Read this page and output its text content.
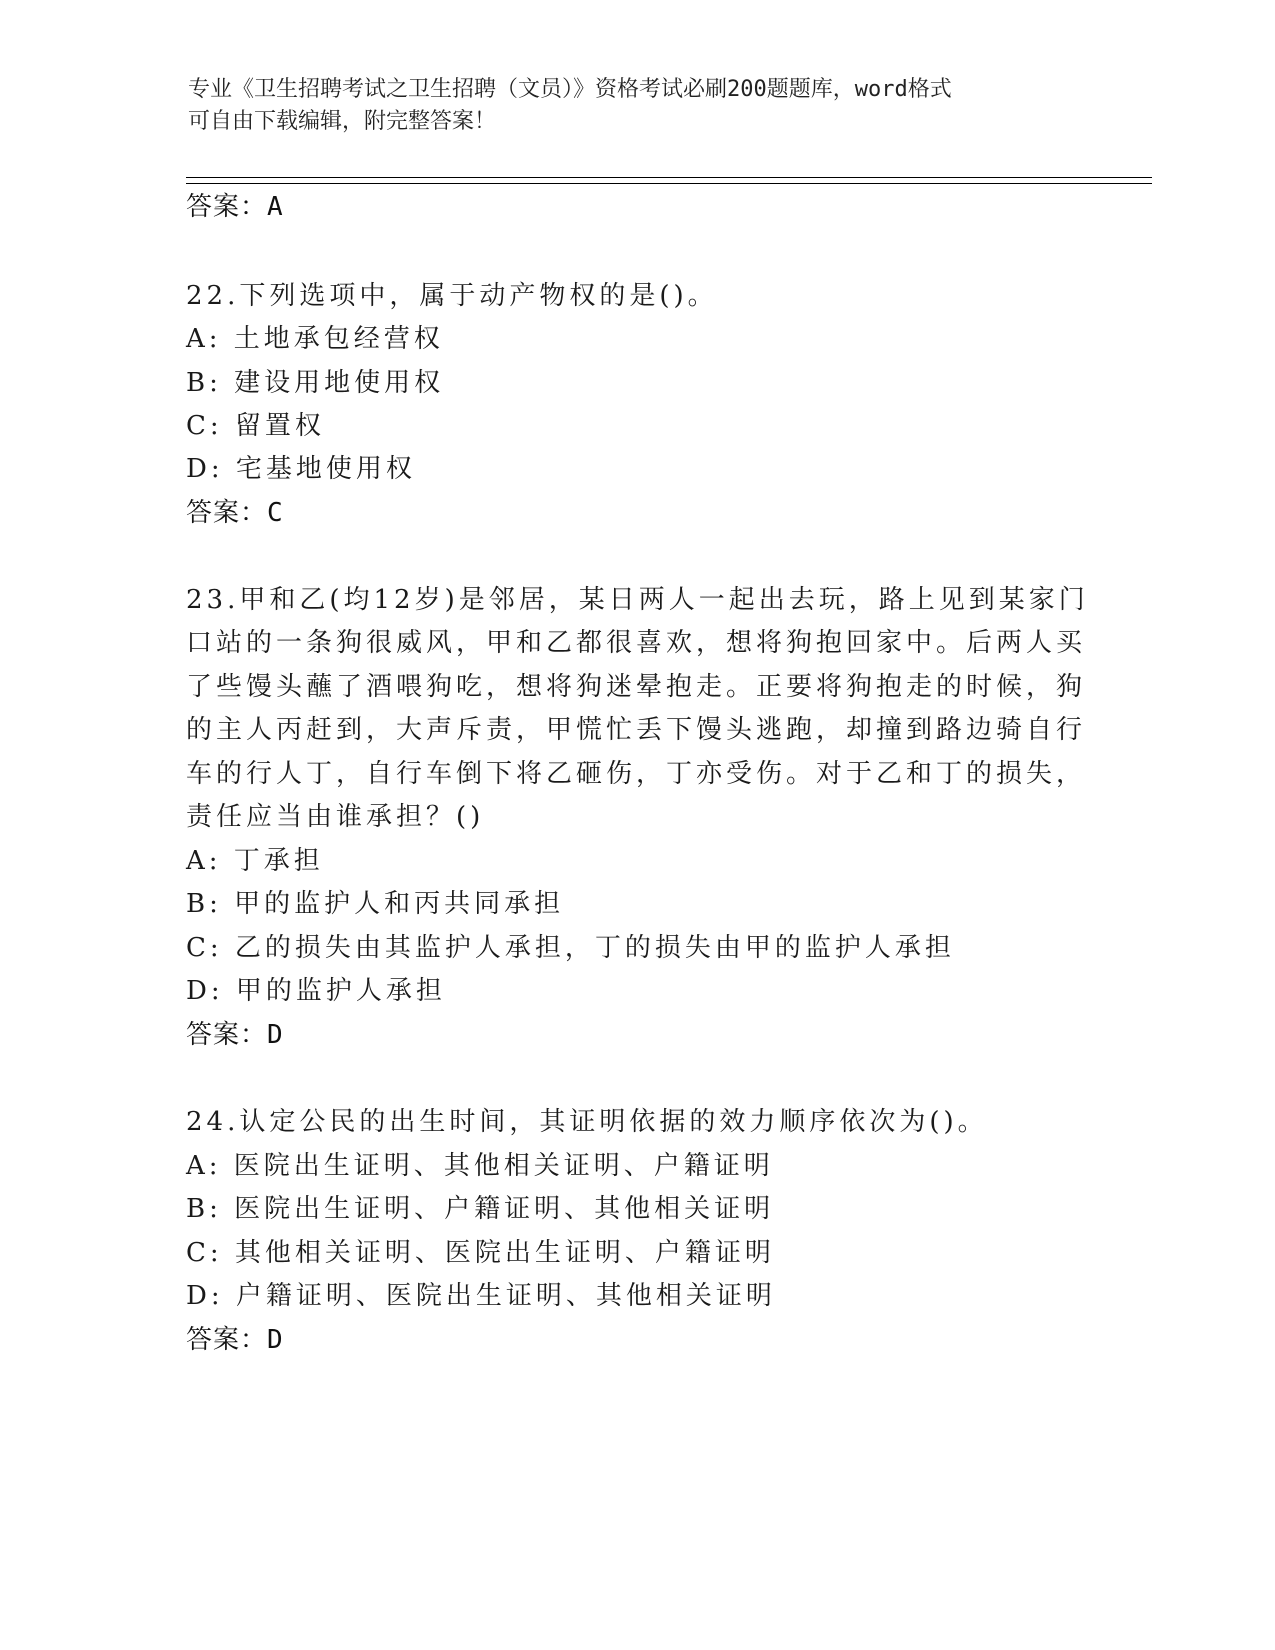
专业《卫生招聘考试之卫生招聘（文员）》资格考试必刷200题题库，word格式
可自由下载编辑，附完整答案！
答案：A
22.下列选项中，属于动产物权的是()。
A: 土地承包经营权
B: 建设用地使用权
C: 留置权
D: 宅基地使用权
答案：C
23.甲和乙(均12岁)是邻居，某日两人一起出去玩，路上见到某家门
口站的一条狗很威风，甲和乙都很喜欢，想将狗抱回家中。后两人买
了些馒头蘸了酒喂狗吃，想将狗迷晕抱走。正要将狗抱走的时候，狗
的主人丙赶到，大声斥责，甲慌忙丢下馒头逃跑，却撞到路边骑自行
车的行人丁，自行车倒下将乙砸伤，丁亦受伤。对于乙和丁的损失，
责任应当由谁承担？()
A: 丁承担
B: 甲的监护人和丙共同承担
C: 乙的损失由其监护人承担，丁的损失由甲的监护人承担
D: 甲的监护人承担
答案：D
24.认定公民的出生时间，其证明依据的效力顺序依次为()。
A: 医院出生证明、其他相关证明、户籍证明
B: 医院出生证明、户籍证明、其他相关证明
C: 其他相关证明、医院出生证明、户籍证明
D: 户籍证明、医院出生证明、其他相关证明
答案：D
